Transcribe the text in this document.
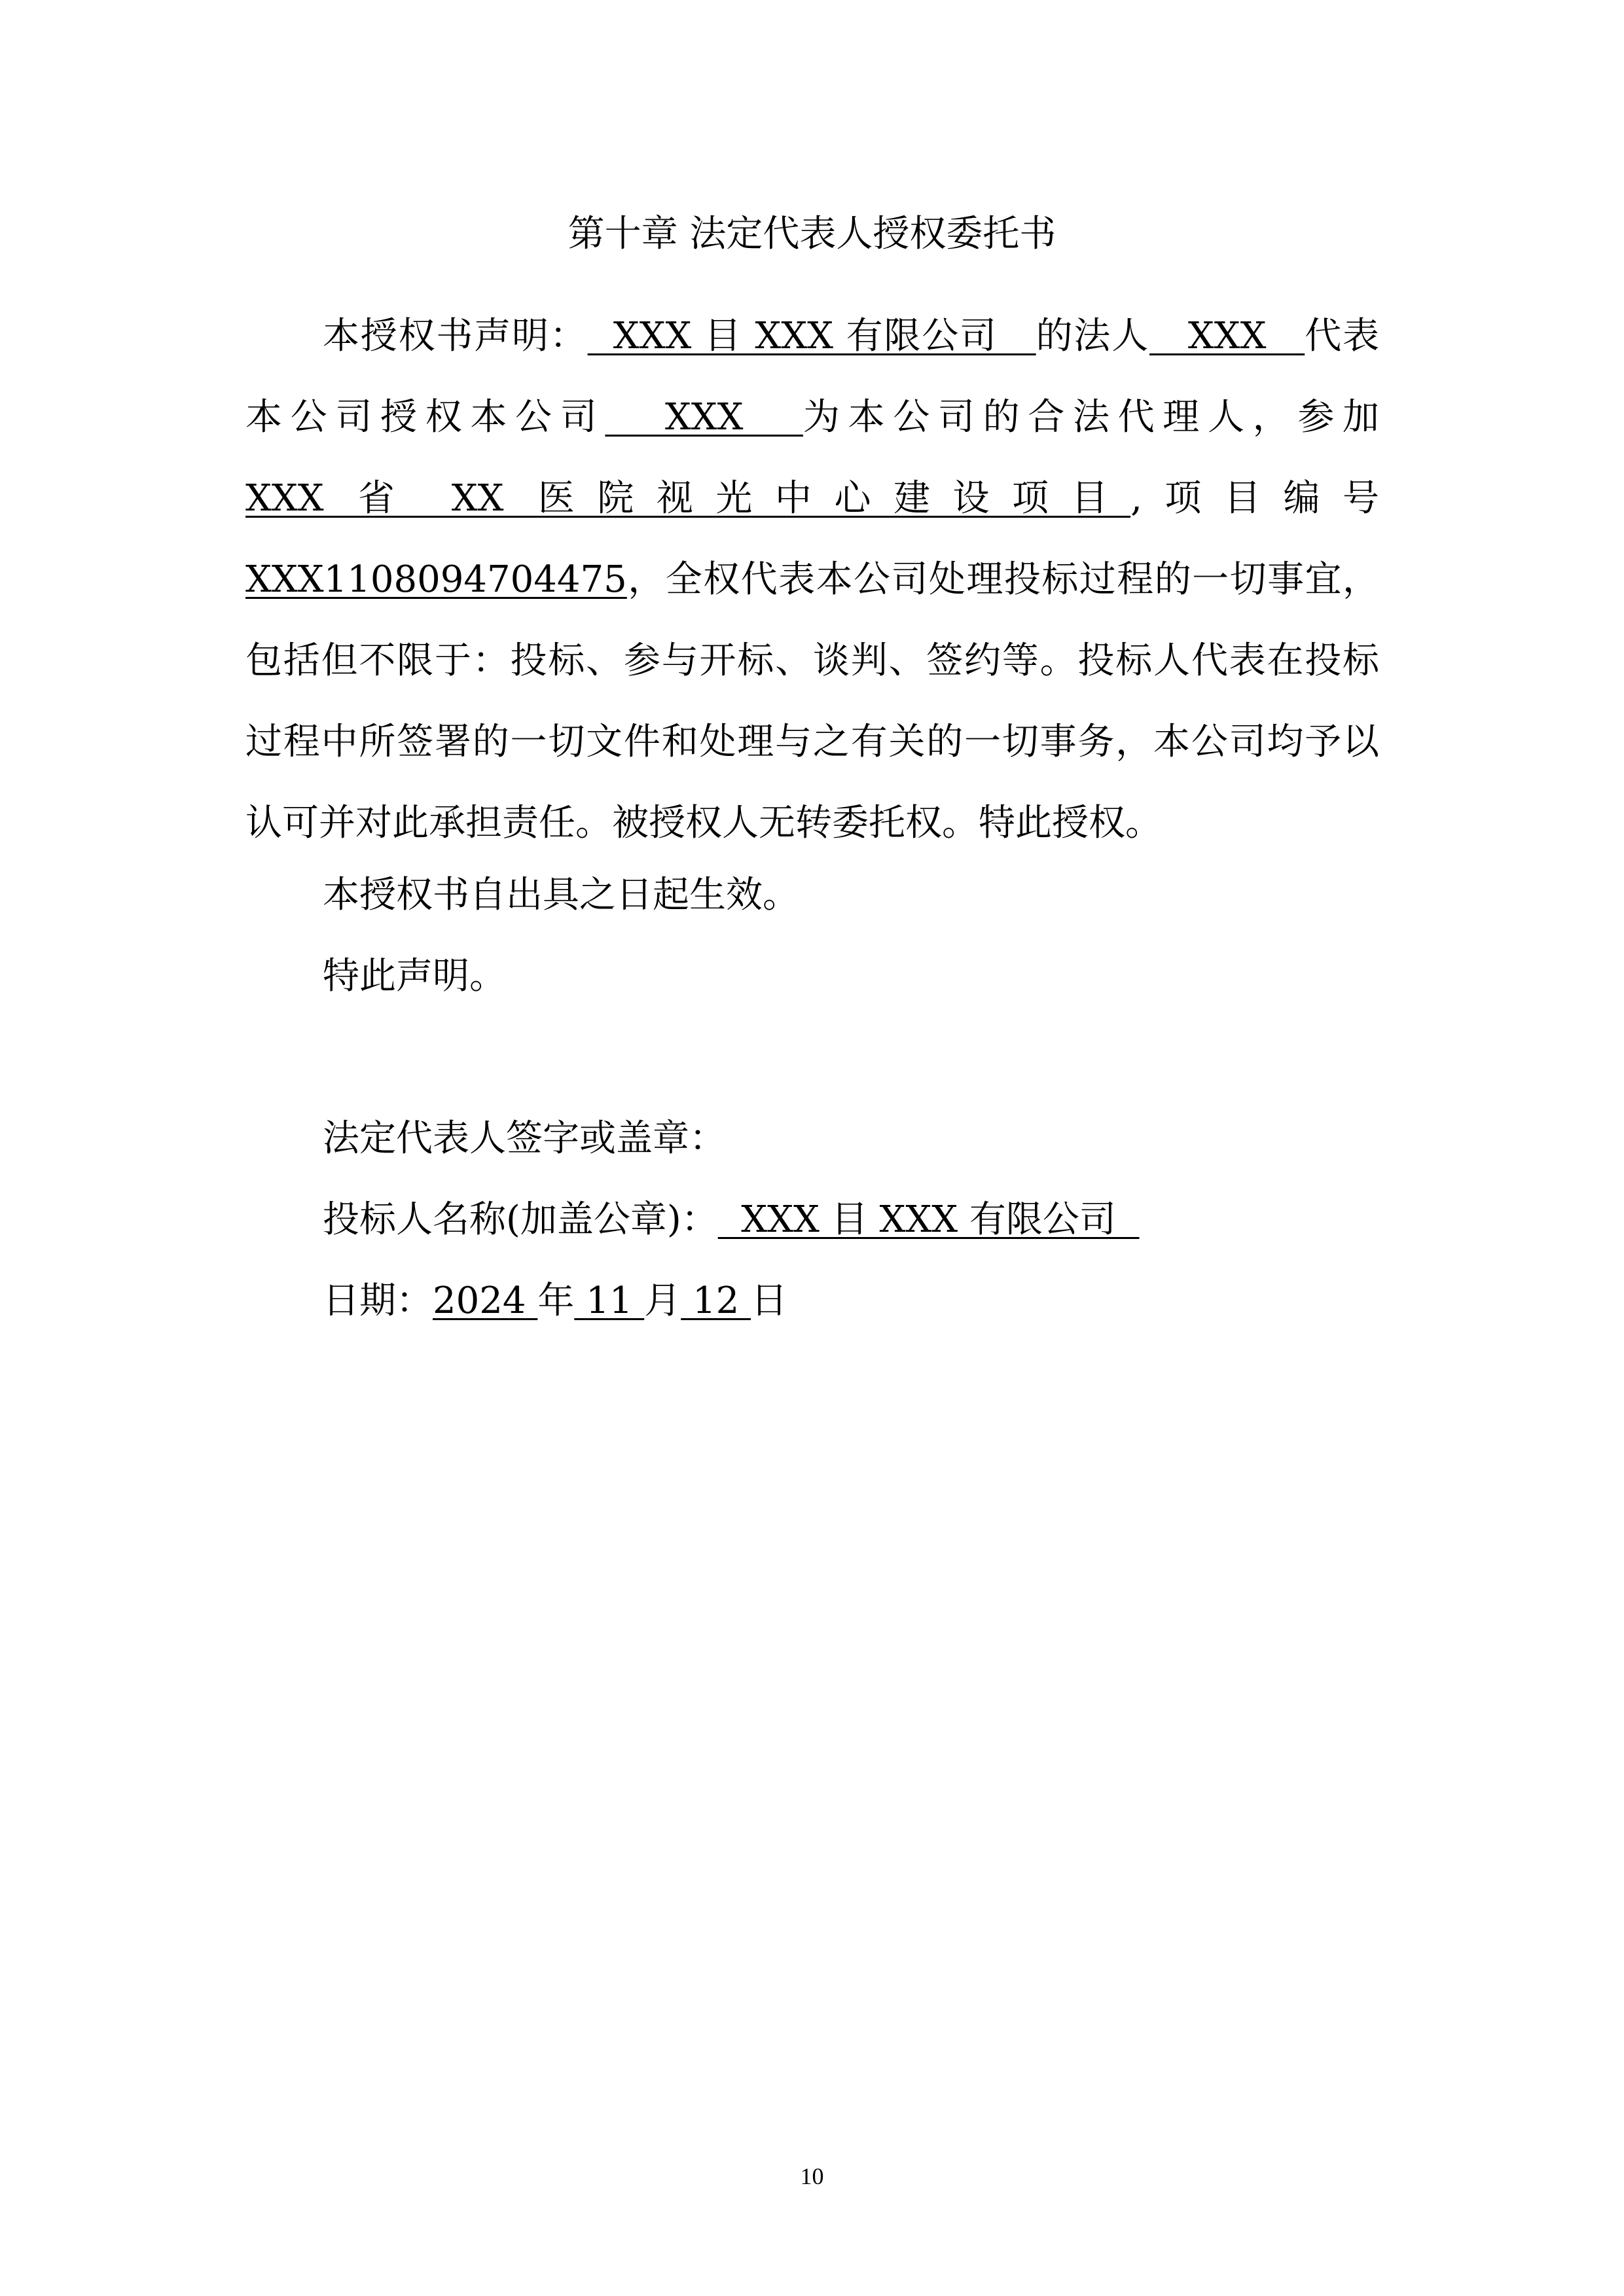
第十章 法定代表人授权委托书

本授权书声明：  XXX 目 XXX 有限公司   的法人   XXX   代表本公司授权本公司   XXX   为本公司的合法代理人，参加XXX 省 XX 医院视光中心建设项目,项目编号XXX1108094704475，全权代表本公司处理投标过程的一切事宜，包括但不限于：投标、参与开标、谈判、签约等。投标人代表在投标过程中所签署的一切文件和处理与之有关的一切事务，本公司均予以认可并对此承担责任。被授权人无转委托权。特此授权。

本授权书自出具之日起生效。
特此声明。
法定代表人签字或盖章：
投标人名称(加盖公章)：  XXX 目 XXX 有限公司
日期：2024 年 11 月 12 日
10
